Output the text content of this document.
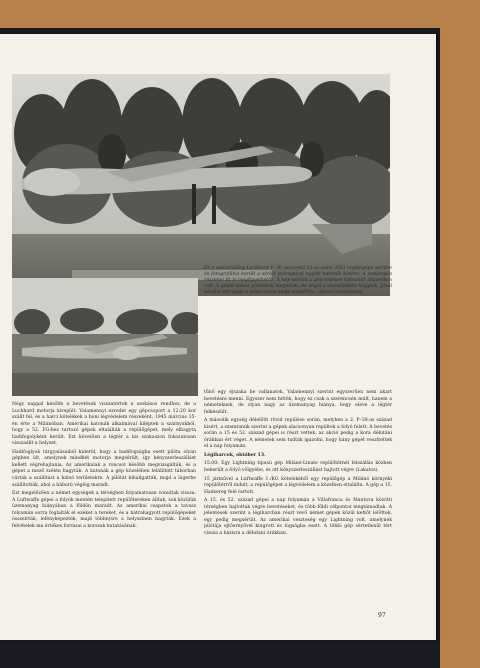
Ez a valószínűleg Luckhard F–3E nevezetű 13-as szám (NE) repülőgépe sérülve és fotografálva került a sérült szárnyaival együtt katonák kezére. A vadászgép részletei itt is megfigyelhetők. A kép szerint a gép teljesen kifosztott állapotban volt. A gépet sokan próbálták megnézni, de végül a szántóföldön hagyták. Jóval később lett végül a többi roncs mellé elszállítva. (Szerző archívuma)

Négy nappal később a bevetések visszatértek a szokásos rendhez, de a Luckhard motorja kirepült. Valamennyi ezredet egy gépcsoport a 12:20 kor szállt fel, és a harci kötelékek a honi légvédelem részeként, 1945 március 15-én érte a Milánóban. Amerikai katonák alkalmával kiléptek a szárnyakból, hogy a 52. FG-hez tartozó gépek eltalálták a repülőgépet, mely elhagyta hadifogolyként került. Ezt követően a légtér a kis szakaszon fokozatosan visszaállt a helyzet.

Hadifoglyok tárgyalásaiból kiderül, hogy a hadifogságba esett pilóta olyan gépben ült, amelynek mindkét motorja megsérült, így kényszerleszállást kellett végrehajtania. Az amerikaiak a roncsot később megvizsgálták, és a gépet a mező szélén hagyták. A katonák a gép közelében felállított táborban várták a szállítást a hátsó területekre. A pilótát kihallgatták, majd a lágerbe szállították, ahol a háború végéig maradt.

Ezt megelőzően a német egységek a térségben folyamatosan vonultak vissza. A Luftwaffe gépei a folyók mentén telepített repülőtereken álltak, sok közülük üzemanyag hiányában a földön maradt. Az amerikai csapatok a tavasz folyamán sorra foglalták el ezeket a tereket, és a hátrahagyott repülőgépeket összeírták, lefényképezték, majd többnyire a helyszínen hagyták. Ezek a felvételek ma értékes forrásai a korszak kutatásának.

tűnő egy éjszaka be vallanatok, Valamennyi szerint egyszerűen nem akart bevetésre menni. Egyszer nem hitték, hogy ez csak a szerencsén múlt, hanem a németeknek, de olyan nagy az üzemanyag hiánya, hogy eleve a légtér felkészült.

A második egység délelőtti rövid repülése során, melyben a 2. P–38-as század kísért, a szemtanúk szerint a gépek alacsonyan repültek a folyó felett. A bevetés során a 15 és 52. század gépei is részt vettek, az akció pedig a kora délutáni órákban ért véget. A németek sem tudták igazolni, hogy hány gépet veszítettek el a nap folyamán.

Légiharcok, október 13.

15.00: Egy Lightning típusú gép Milánó-Linate repülőtérnél felszállás közben bekerült a folyó völgyébe, és ott kényszerleszállást hajtott végre (Lakatos).

15 járművel a Luftwaffe 1./KG kötelékéből egy repülőgép a Milánó környéki repülőtérről indult, a repülőgépet a légvédelem a közelben eltalálta. A gép a 15. Hadsereg felé tartott.

A 15. és 52. század gépei a nap folyamán a Villafranca és Mantova közötti térségben hajtottak végre bevetéseket, és több földi célpontot megtámadtak. A jelentések szerint a légiharcban részt vevő német gépek közül kettőt lelőttek, egy pedig megsérült. Az amerikai veszteség egy Lightning volt, amelynek pilótája ejtőernyővel kiugrott és fogságba esett. A többi gép sértetlenül tért vissza a bázisra a délutáni órákban.

97
